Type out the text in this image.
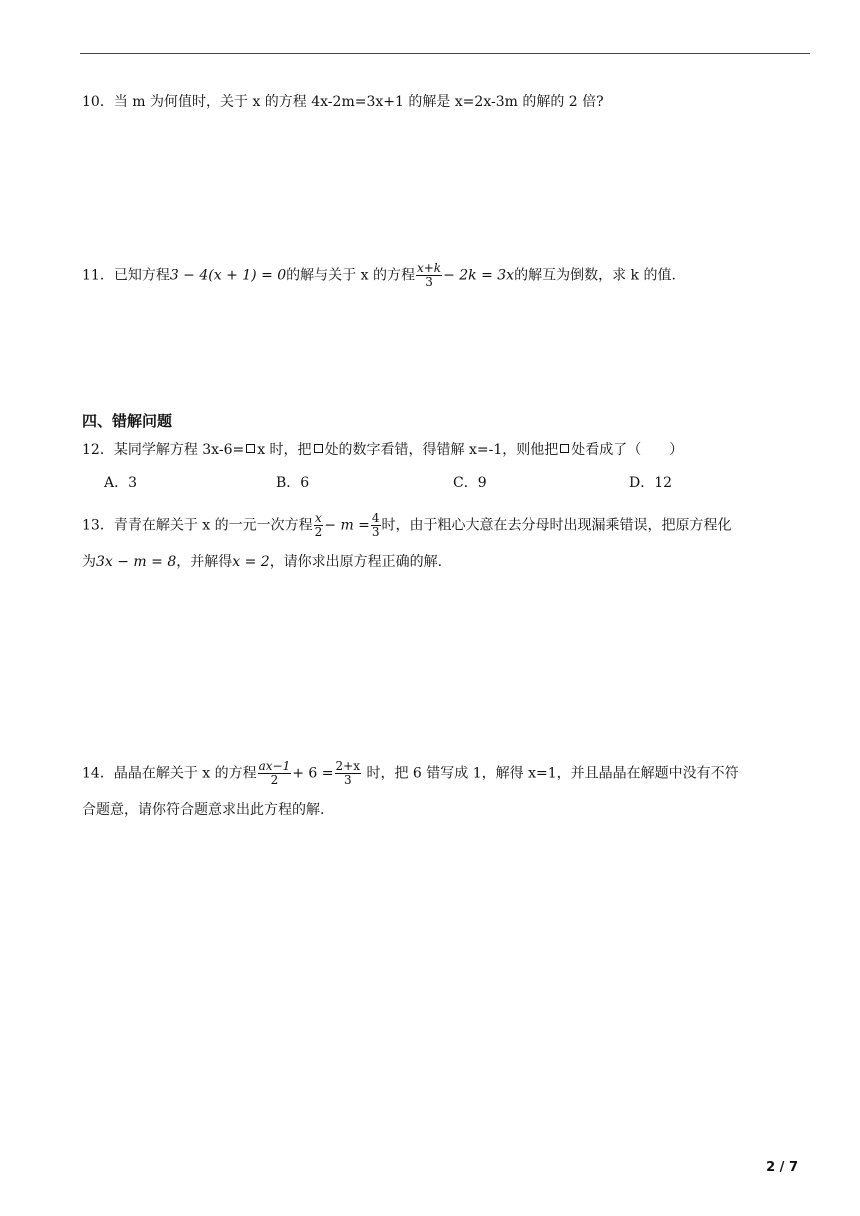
10．当 m 为何值时，关于 x 的方程 4x-2m=3x+1 的解是 x=2x-3m 的解的 2 倍?
11．已知方程3 − 4(x + 1) = 0的解与关于 x 的方程 $\frac{x+k}{3} - 2k = 3x$的解互为倒数，求 k 的值.
四、错解问题
12．某同学解方程 3x-6= x 时，把 处的数字看错，得错解 x=-1，则他把 处看成了（　　）
A．3	B．6	C．9	D．12
13．青青在解关于 x 的一元一次方程 $\frac{x}{2} - m = \frac{4}{3}$ 时，由于粗心大意在去分母时出现漏乘错误，把原方程化
为3x − m = 8，并解得x = 2，请你求出原方程正确的解.
14．晶晶在解关于 x 的方程 $\frac{ax-1}{2} + 6 = \frac{2+x}{3}$ 时，把 6 错写成 1，解得 x=1，并且晶晶在解题中没有不符
合题意，请你符合题意求出此方程的解.
2 / 7
